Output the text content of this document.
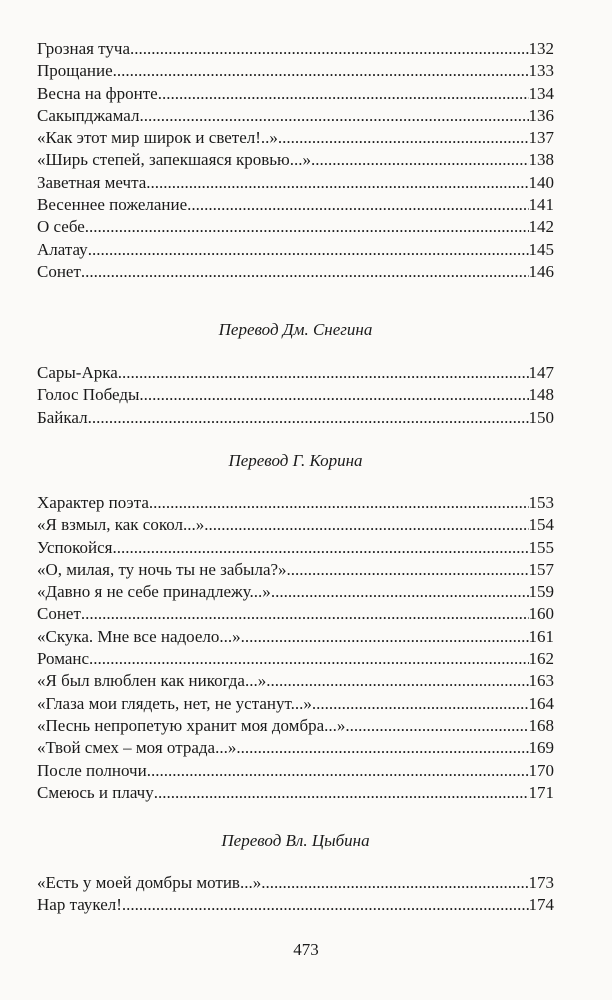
Грозная туча .....	132
Прощание .....	133
Весна на фронте .....	134
Сакыпджамал .....	136
«Как этот мир широк и светел!..» .....	137
«Ширь степей, запекшаяся кровью...» .....	138
Заветная мечта .....	140
Весеннее пожелание .....	141
О себе .....	142
Алатау .....	145
Сонет .....	146
Перевод Дм. Снегина
Сары-Арка .....	147
Голос Победы .....	148
Байкал .....	150
Перевод Г. Корина
Характер поэта .....	153
«Я взмыл, как сокол...» .....	154
Успокойся .....	155
«О, милая, ту ночь ты не забыла?» .....	157
«Давно я не себе принадлежу...» .....	159
Сонет .....	160
«Скука. Мне все надоело...» .....	161
Романс .....	162
«Я был влюблен как никогда...» .....	163
«Глаза мои глядеть, нет, не устанут...» .....	164
«Песнь непропетую хранит моя домбра...» .....	168
«Твой смех – моя отрада...» .....	169
После полночи .....	170
Смеюсь и плачу .....	171
Перевод Вл. Цыбина
«Есть у моей домбры мотив...» .....	173
Нар таукел! .....	174
473
